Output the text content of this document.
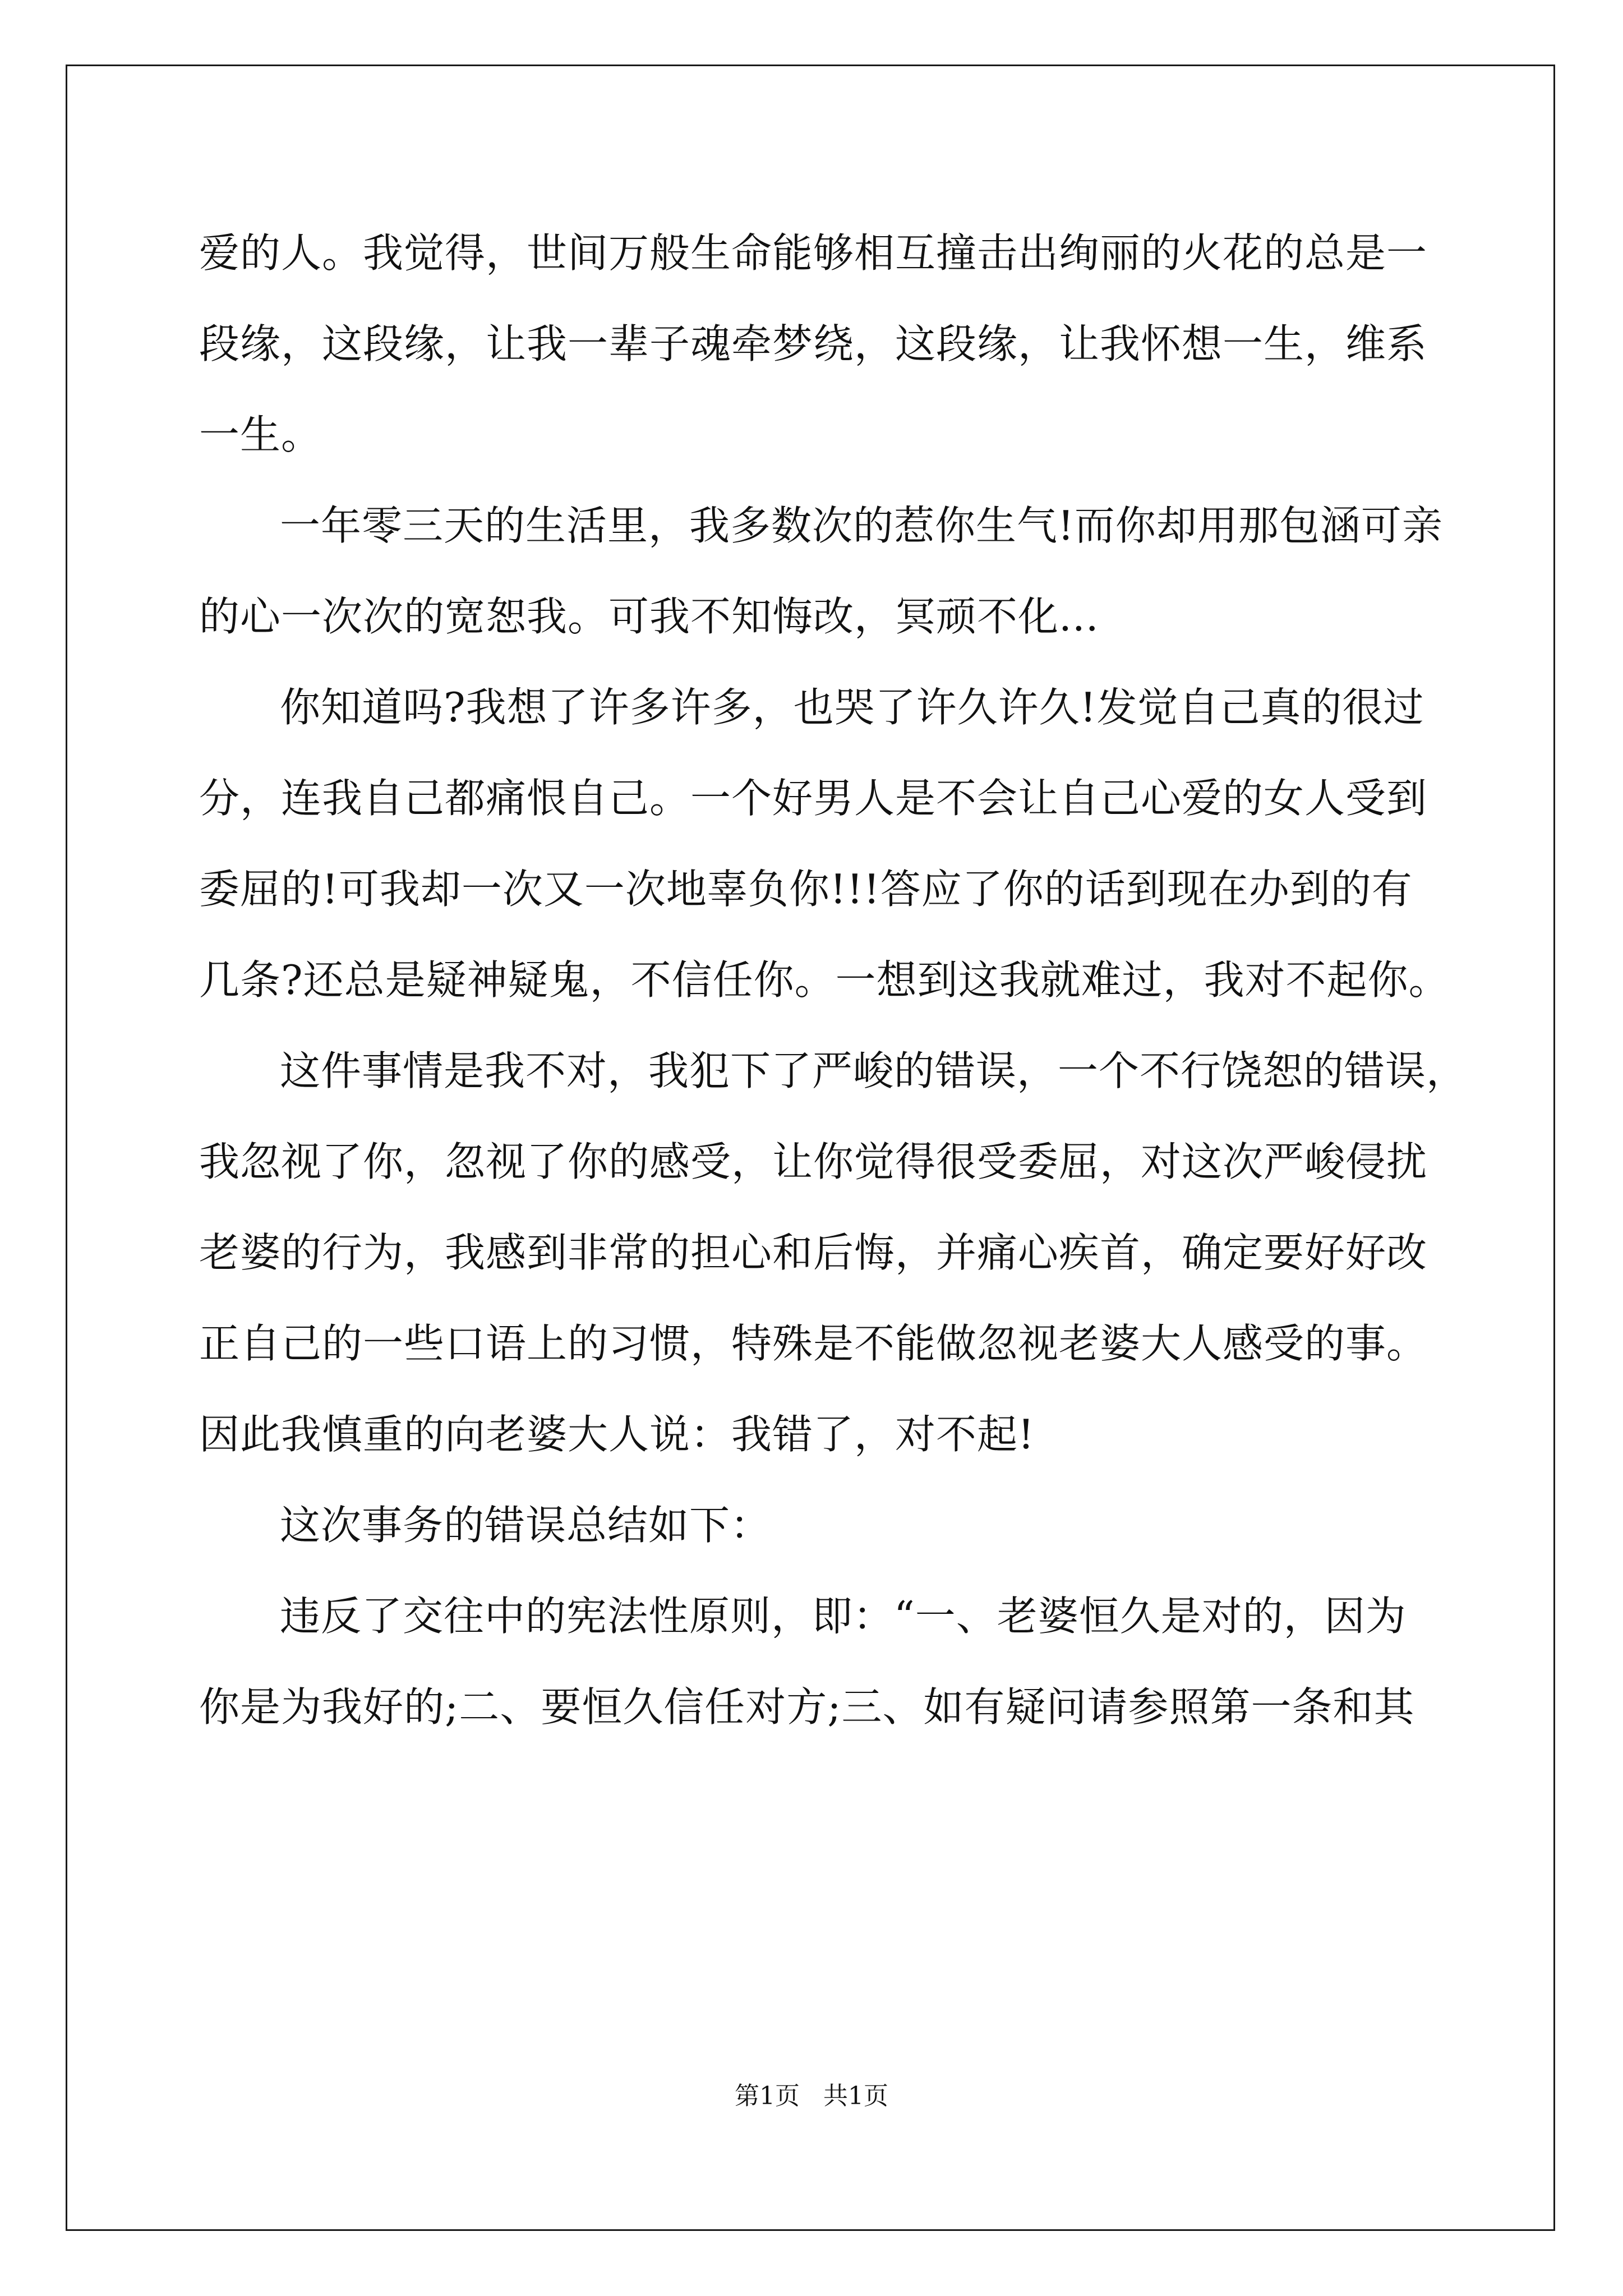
爱的人。我觉得，世间万般生命能够相互撞击出绚丽的火花的总是一
段缘，这段缘，让我一辈子魂牵梦绕，这段缘，让我怀想一生，维系
一生。
一年零三天的生活里，我多数次的惹你生气!而你却用那包涵可亲
的心一次次的宽恕我。可我不知悔改，冥顽不化...
你知道吗?我想了许多许多，也哭了许久许久!发觉自己真的很过
分，连我自己都痛恨自己。一个好男人是不会让自己心爱的女人受到
委屈的!可我却一次又一次地辜负你!!!答应了你的话到现在办到的有
几条?还总是疑神疑鬼，不信任你。一想到这我就难过，我对不起你。
这件事情是我不对，我犯下了严峻的错误，一个不行饶恕的错误，
我忽视了你，忽视了你的感受，让你觉得很受委屈，对这次严峻侵扰
老婆的行为，我感到非常的担心和后悔，并痛心疾首，确定要好好改
正自己的一些口语上的习惯，特殊是不能做忽视老婆大人感受的事。
因此我慎重的向老婆大人说：我错了，对不起!
这次事务的错误总结如下：
违反了交往中的宪法性原则，即：“一、老婆恒久是对的，因为
你是为我好的;二、要恒久信任对方;三、如有疑问请参照第一条和其
第1页 共1页
